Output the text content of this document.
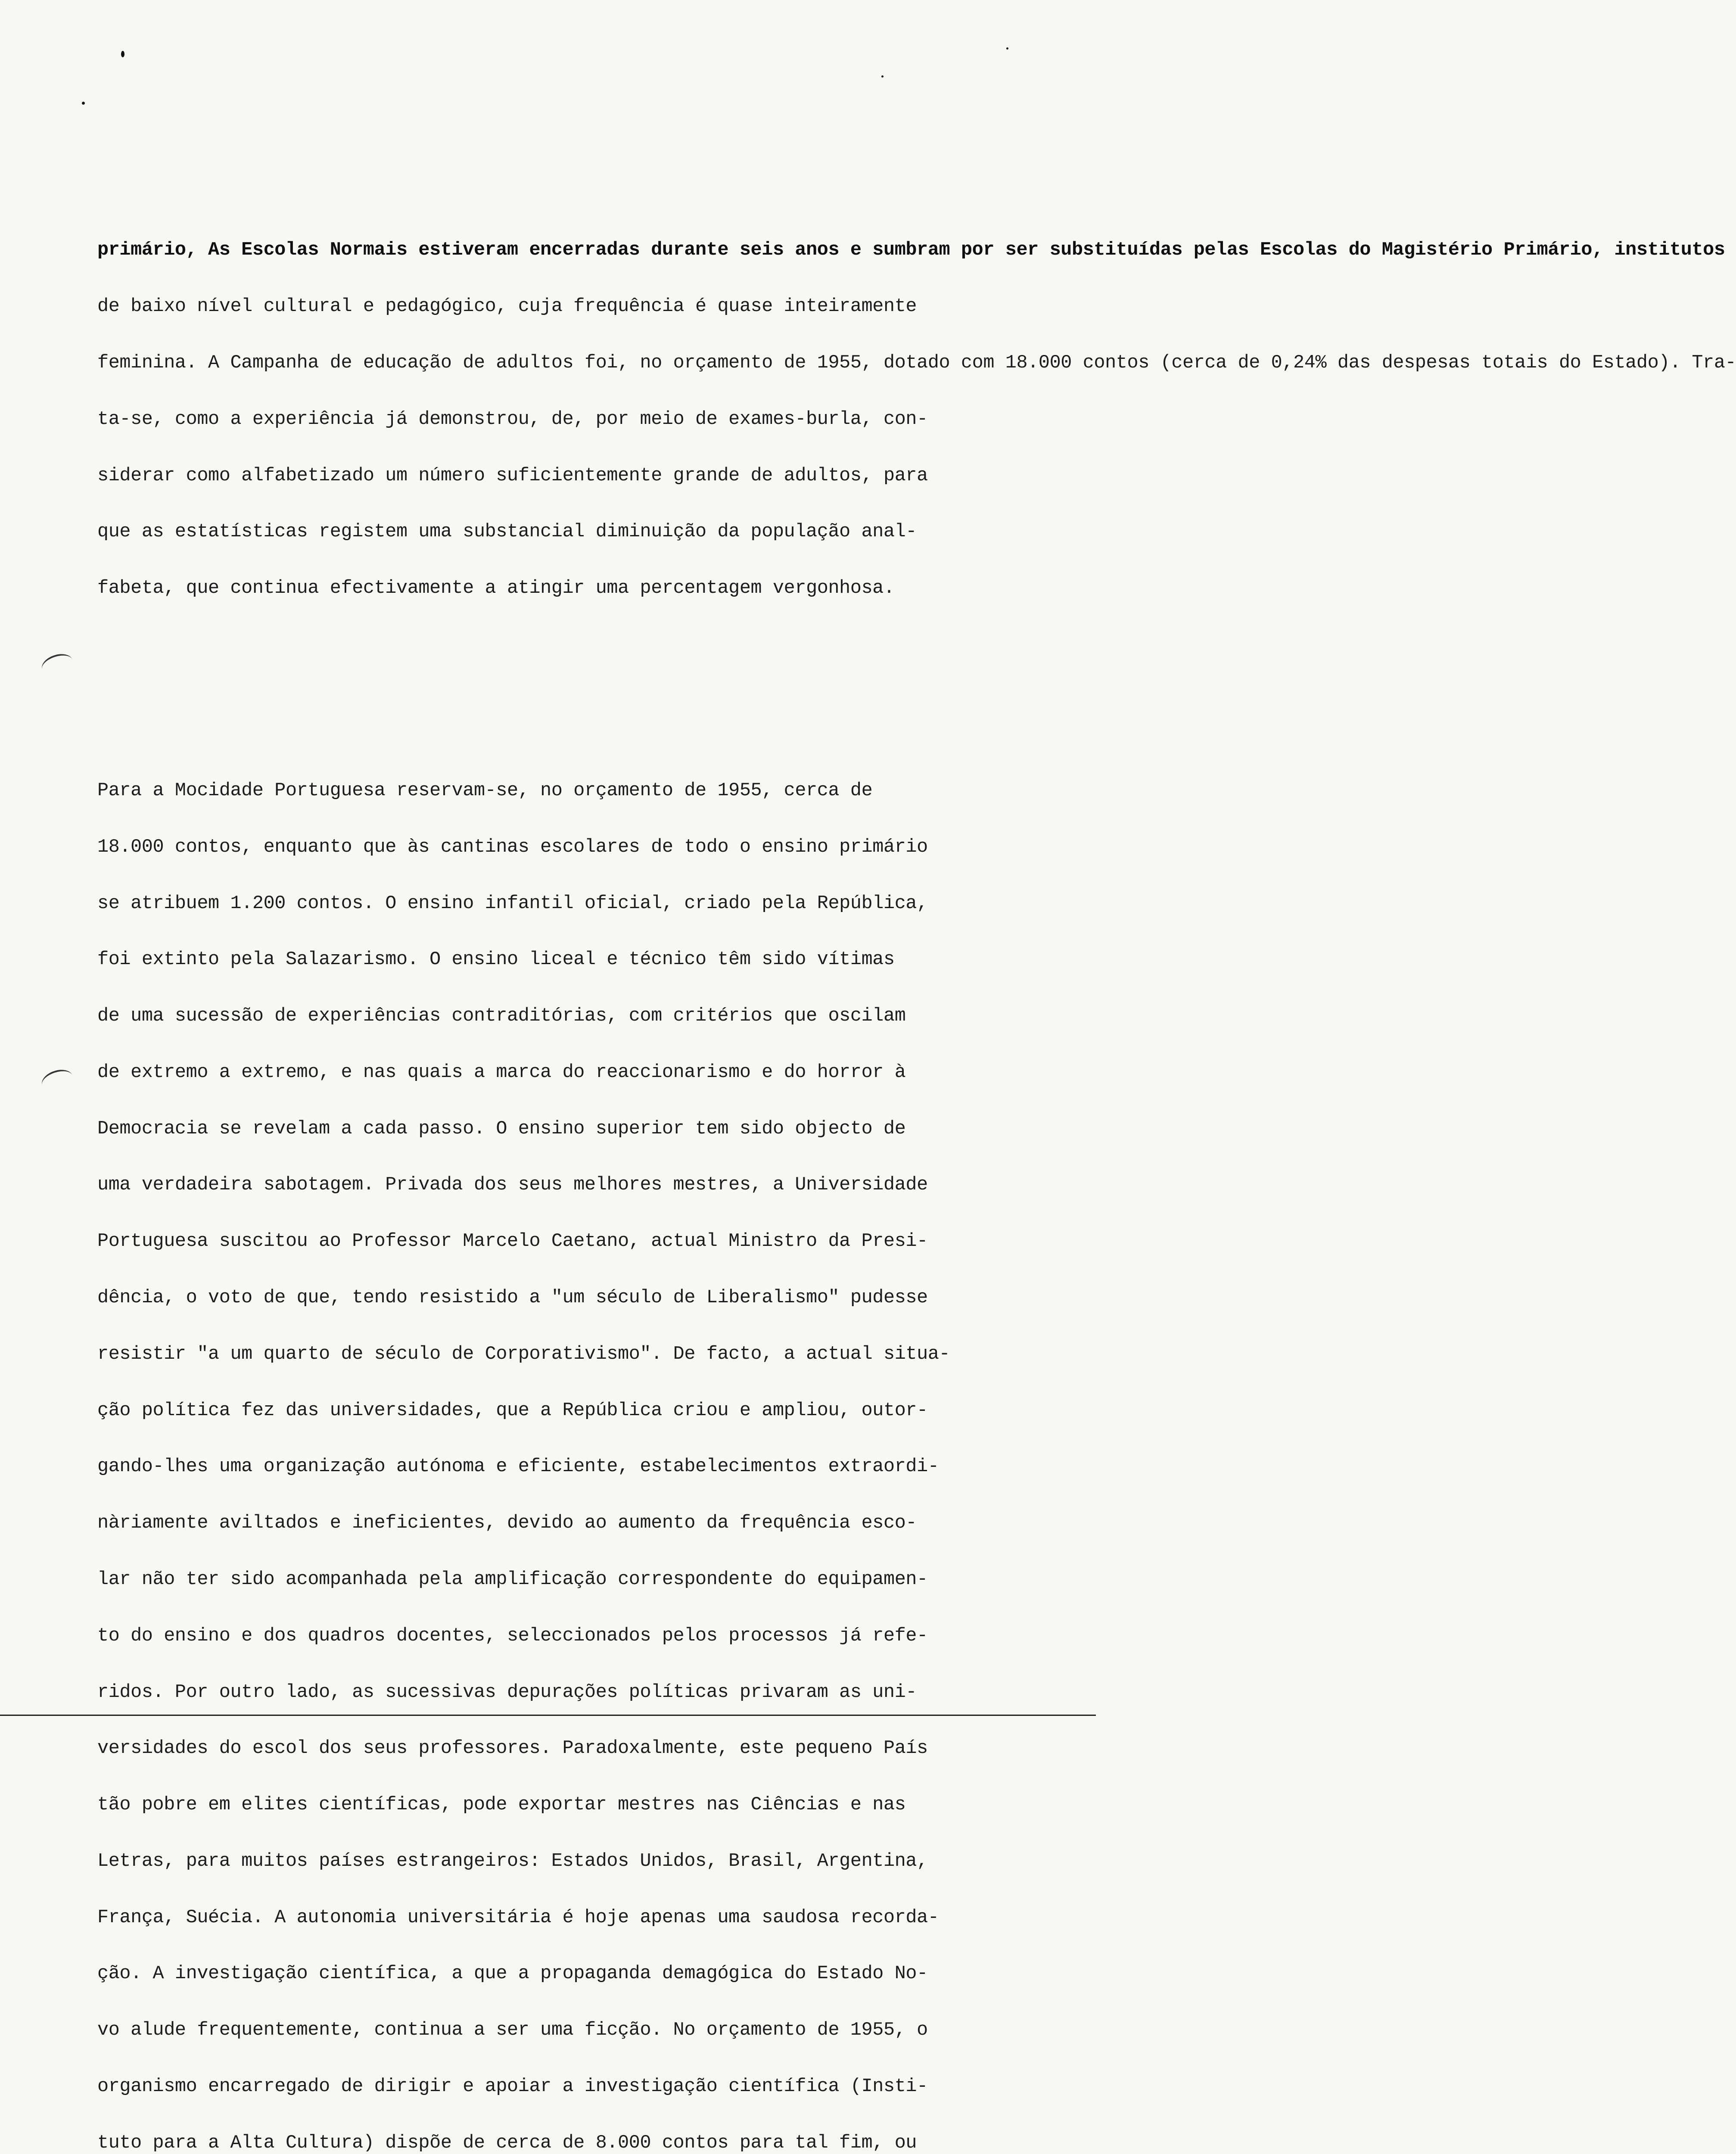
primário, As Escolas Normais estiveram encerradas durante seis anos e sumbram por ser substituídas pelas Escolas do Magistério Primário, institutos

de baixo nível cultural e pedagógico, cuja frequência é quase inteiramente

feminina. A Campanha de educação de adultos foi, no orçamento de 1955, dotado com 18.000 contos (cerca de 0,24% das despesas totais do Estado). Tra-

ta-se, como a experiência já demonstrou, de, por meio de exames-burla, con-

siderar como alfabetizado um número suficientemente grande de adultos, para

que as estatísticas registem uma substancial diminuição da população anal-

fabeta, que continua efectivamente a atingir uma percentagem vergonhosa.

Para a Mocidade Portuguesa reservam-se, no orçamento de 1955, cerca de

18.000 contos, enquanto que às cantinas escolares de todo o ensino primário

se atribuem 1.200 contos. O ensino infantil oficial, criado pela República,

foi extinto pela Salazarismo. O ensino liceal e técnico têm sido vítimas

de uma sucessão de experiências contraditórias, com critérios que oscilam

de extremo a extremo, e nas quais a marca do reaccionarismo e do horror à

Democracia se revelam a cada passo. O ensino superior tem sido objecto de

uma verdadeira sabotagem. Privada dos seus melhores mestres, a Universidade

Portuguesa suscitou ao Professor Marcelo Caetano, actual Ministro da Presi-

dência, o voto de que, tendo resistido a "um século de Liberalismo" pudesse

resistir "a um quarto de século de Corporativismo". De facto, a actual situa-

ção política fez das universidades, que a República criou e ampliou, outor-

gando-lhes uma organização autónoma e eficiente, estabelecimentos extraordi-

nàriamente aviltados e ineficientes, devido ao aumento da frequência esco-

lar não ter sido acompanhada pela amplificação correspondente do equipamen-

to do ensino e dos quadros docentes, seleccionados pelos processos já refe-

ridos. Por outro lado, as sucessivas depurações políticas privaram as uni-

versidades do escol dos seus professores. Paradoxalmente, este pequeno País

tão pobre em elites científicas, pode exportar mestres nas Ciências e nas

Letras, para muitos países estrangeiros: Estados Unidos, Brasil, Argentina,

França, Suécia. A autonomia universitária é hoje apenas uma saudosa recorda-

ção. A investigação científica, a que a propaganda demagógica do Estado No-

vo alude frequentemente, continua a ser uma ficção. No orçamento de 1955, o

organismo encarregado de dirigir e apoiar a investigação científica (Insti-

tuto para a Alta Cultura) dispõe de cerca de 8.000 contos para tal fim, ou
